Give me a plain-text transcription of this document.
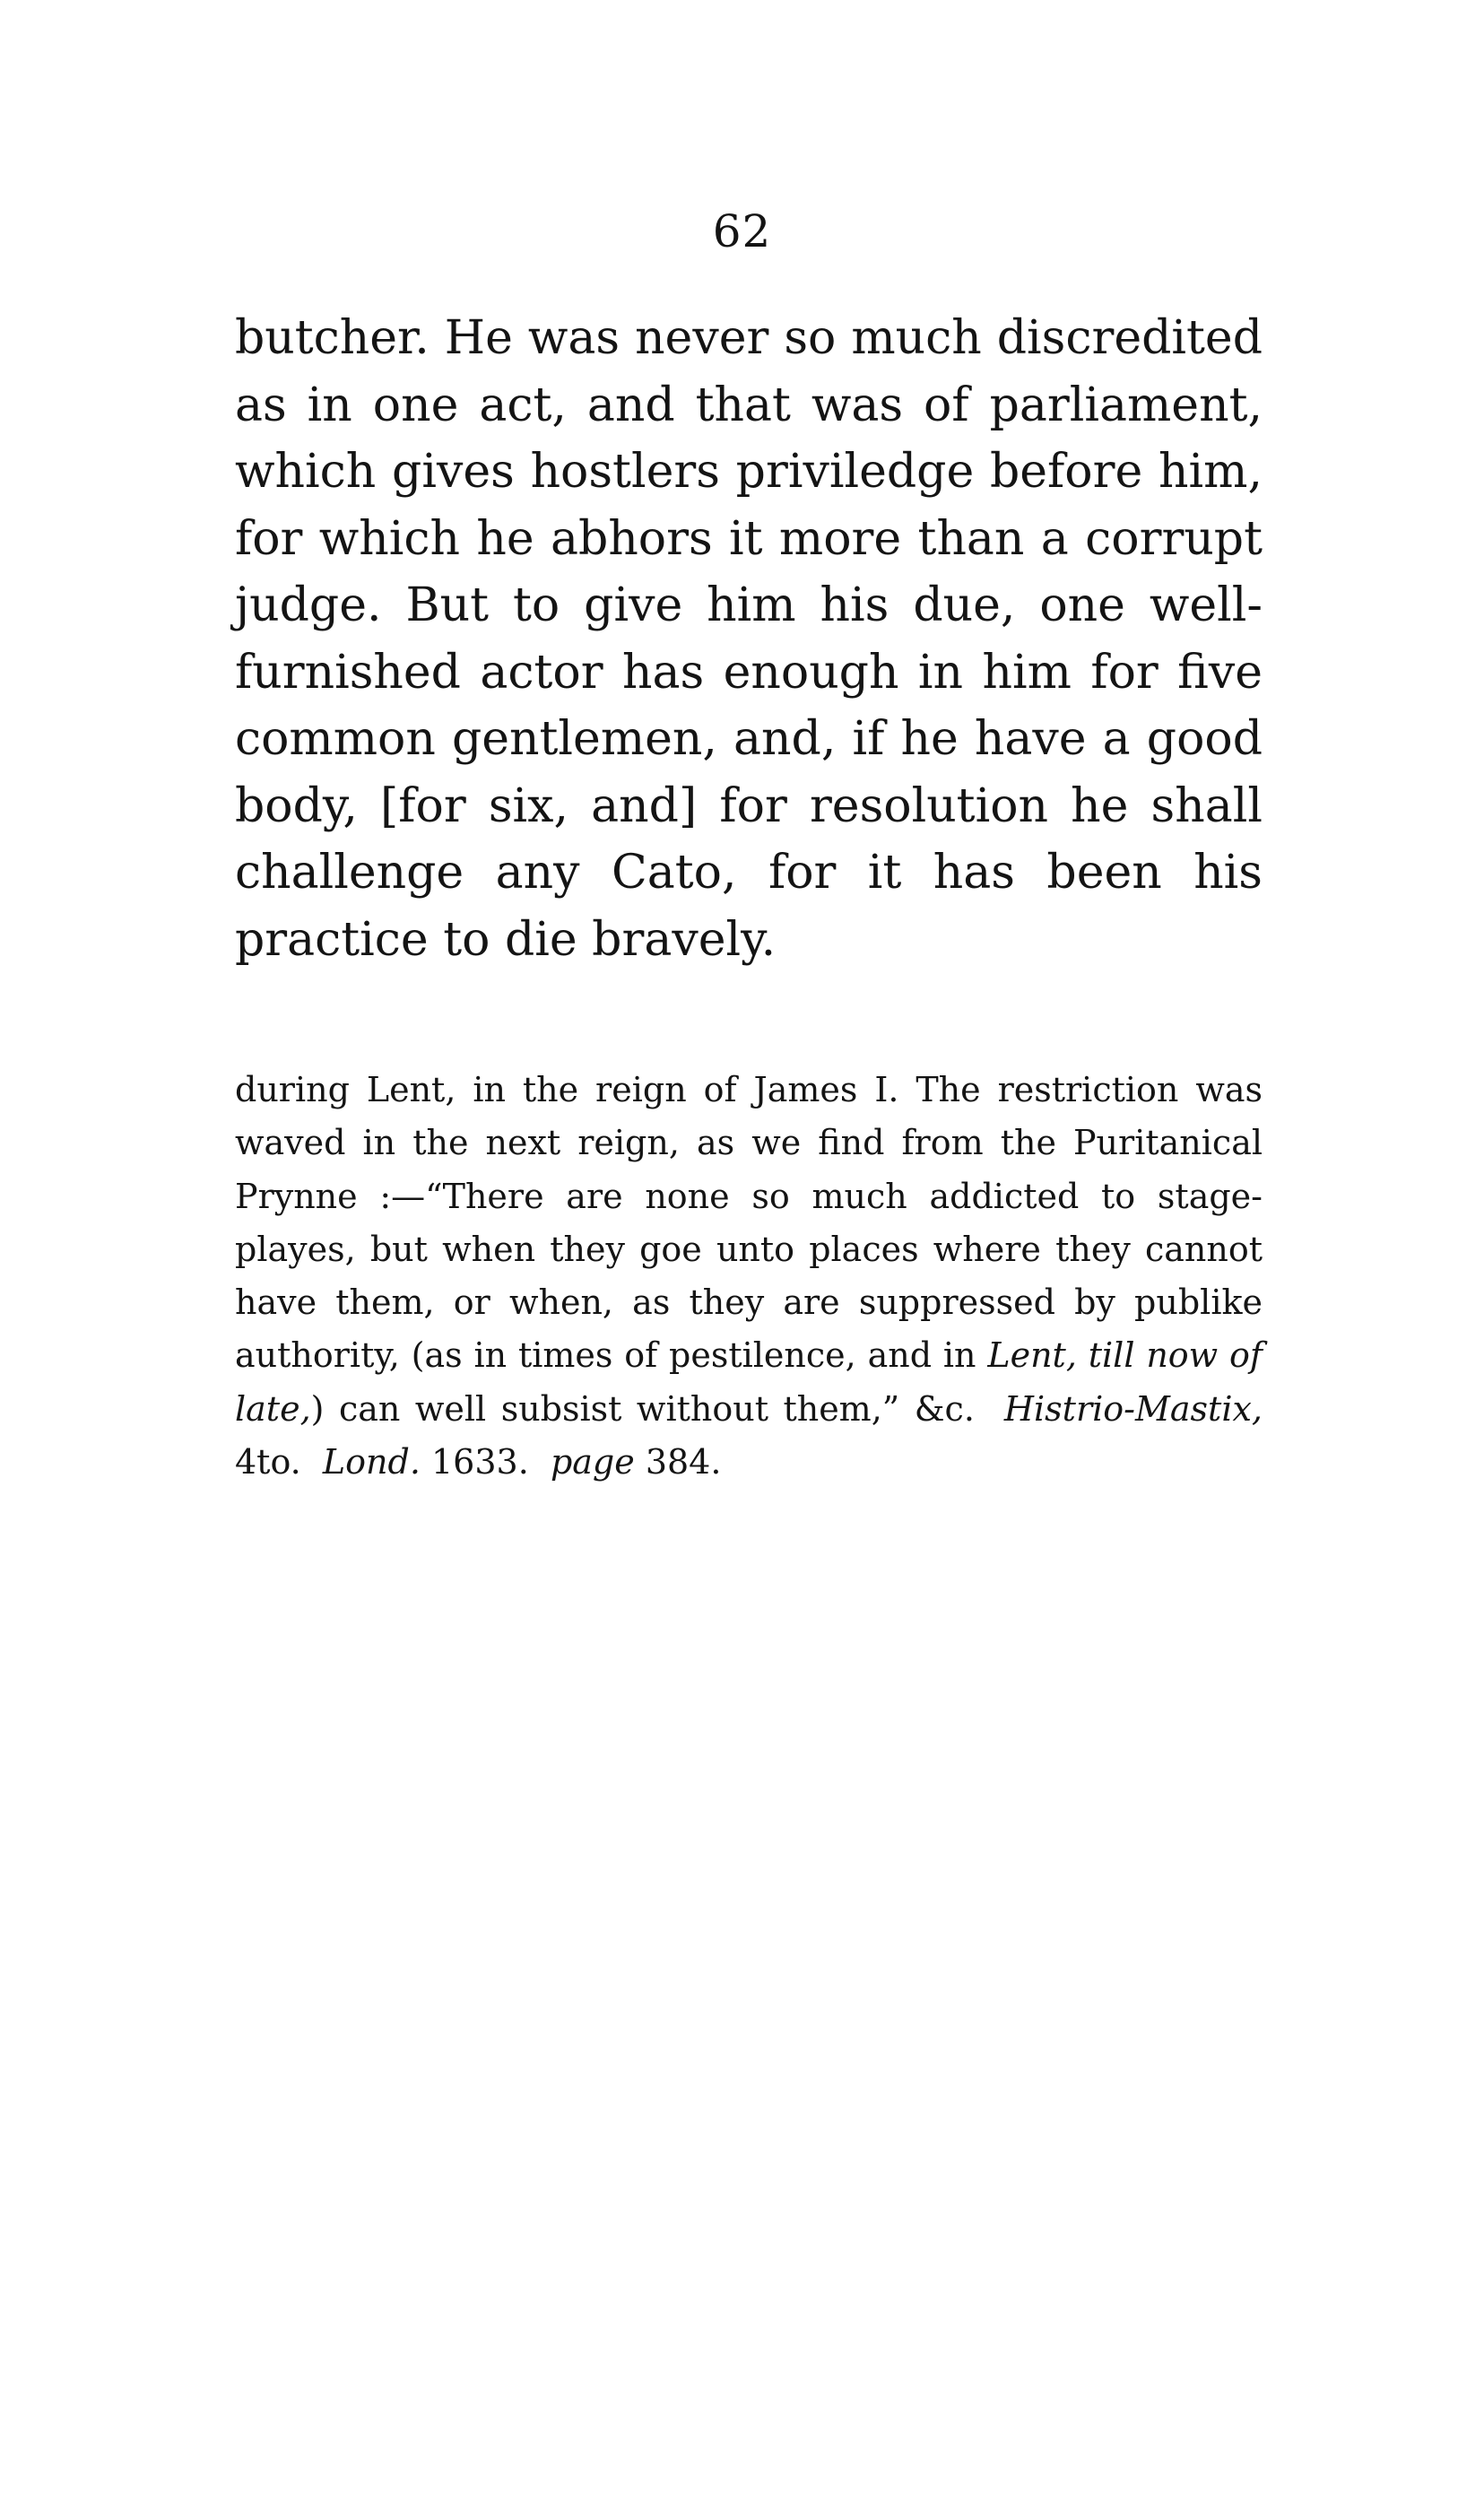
62
butcher. He was never so much discredited
as in one act, and that was of parliament,
which gives hostlers priviledge before him,
for which he abhors it more than a corrupt
judge. But to give him his due, one well-
furnished actor has enough in him for five
common gentlemen, and, if he have a good
body, [for six, and] for resolution he shall
challenge any Cato, for it has been his
practice to die bravely.
during Lent, in the reign of James I. The restriction was
waved in the next reign, as we find from the Puritanical
Prynne :—“There are none so much addicted to stage-
playes, but when they goe unto places where they cannot
have them, or when, as they are suppressed by publike
authority, (as in times of pestilence, and in Lent, till now of
late,) can well subsist without them,” &c.  Histrio-Mastix,
4to.  Lond. 1633.  page 384.
